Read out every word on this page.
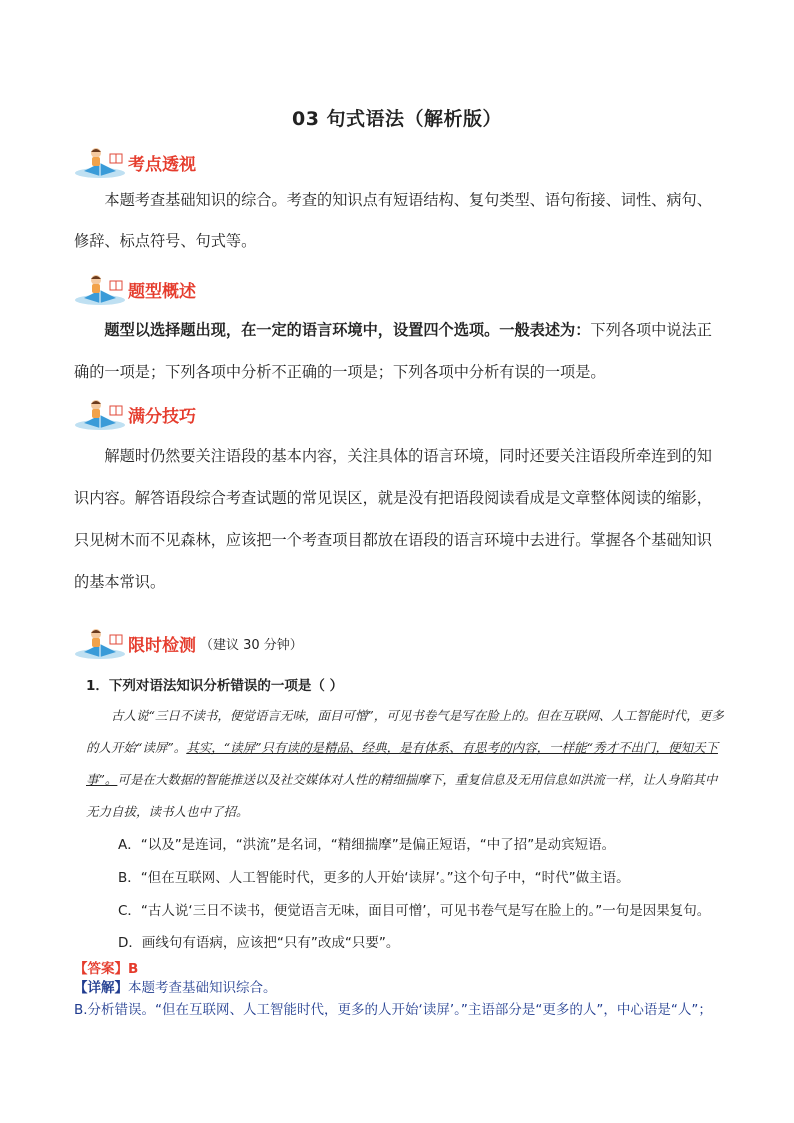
03 句式语法（解析版）
考点透视

本题考查基础知识的综合。考查的知识点有短语结构、复句类型、语句衔接、词性、病句、修辞、标点符号、句式等。

题型概述

题型以选择题出现，在一定的语言环境中，设置四个选项。一般表述为：下列各项中说法正确的一项是；下列各项中分析不正确的一项是；下列各项中分析有误的一项是。

满分技巧

解题时仍然要关注语段的基本内容，关注具体的语言环境，同时还要关注语段所牵连到的知识内容。解答语段综合考查试题的常见误区，就是没有把语段阅读看成是文章整体阅读的缩影，只见树木而不见森林，应该把一个考查项目都放在语段的语言环境中去进行。掌握各个基础知识的基本常识。

限时检测 （建议 30 分钟）
1．下列对语法知识分析错误的一项是（ ）

古人说“三日不读书，便觉语言无味，面目可憎”，可见书卷气是写在脸上的。但在互联网、人工智能时代，更多的人开始“读屏”。其实，“读屏”只有读的是精品、经典，是有体系、有思考的内容，一样能“秀才不出门，便知天下事”。可是在大数据的智能推送以及社交媒体对人性的精细揣摩下，重复信息及无用信息如洪流一样，让人身陷其中无力自拔，读书人也中了招。

A．“以及”是连词，“洪流”是名词，“精细揣摩”是偏正短语，“中了招”是动宾短语。
B．“但在互联网、人工智能时代，更多的人开始‘读屏’。”这个句子中，“时代”做主语。
C．“古人说‘三日不读书，便觉语言无味，面目可憎’，可见书卷气是写在脸上的。”一句是因果复句。
D．画线句有语病，应该把“只有”改成“只要”。
【答案】B
【详解】本题考查基础知识综合。
B.分析错误。“但在互联网、人工智能时代，更多的人开始‘读屏’。”主语部分是“更多的人”，中心语是“人”；
